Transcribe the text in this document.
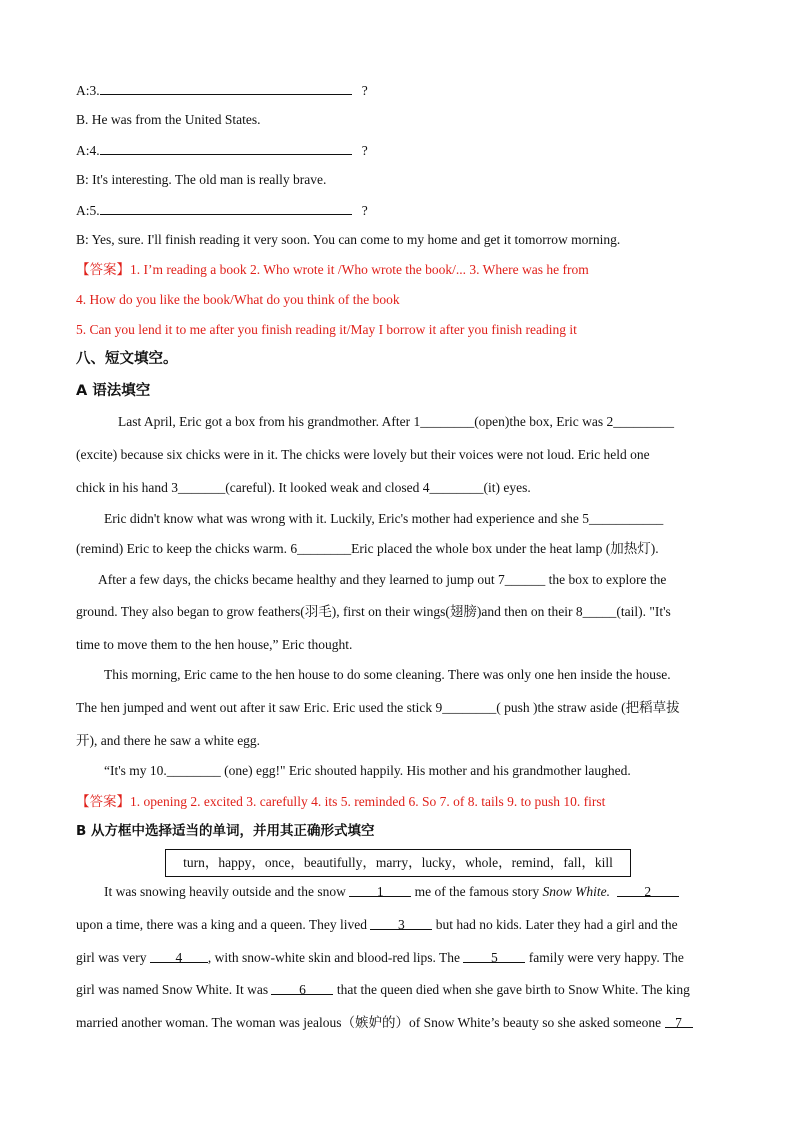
A:3.	?
B. He was from the United States.
A:4.	?
B: It's interesting. The old man is really brave.
A:5.	?
B: Yes, sure. I'll finish reading it very soon. You can come to my home and get it tomorrow morning.
【答案】1. I’m reading a book 2. Who wrote it /Who wrote the book/... 3. Where was he from
4. How do you like the book/What do you think of the book
5. Can you lend it to me after you finish reading it/May I borrow it after you finish reading it
八、短文填空。
A 语法填空
Last April, Eric got a box from his grandmother. After 1________(open)the box, Eric was 2_________
(excite) because six chicks were in it. The chicks were lovely but their voices were not loud. Eric held one
chick in his hand 3_______(careful). It looked weak and closed 4________(it) eyes.
Eric didn't know what was wrong with it. Luckily, Eric's mother had experience and she 5___________
(remind) Eric to keep the chicks warm. 6________Eric placed the whole box under the heat lamp (加热灯).
After a few days, the chicks became healthy and they learned to jump out 7______ the box to explore the
ground. They also began to grow feathers(羽毛), first on their wings(翅膀)and then on their 8_____(tail). "It's
time to move them to the hen house,” Eric thought.
This morning, Eric came to the hen house to do some cleaning. There was only one hen inside the house.
The hen jumped and went out after it saw Eric. Eric used the stick 9________( push )the straw aside (把稻草拔
开), and there he saw a white egg.
“It's my 10.________ (one) egg!" Eric shouted happily. His mother and his grandmother laughed.
【答案】1. opening 2. excited 3. carefully 4. its 5. reminded 6. So 7. of 8. tails 9. to push 10. first
B 从方框中选择适当的单词，并用其正确形式填空
turn，happy，once，beautifully，marry，lucky，whole，remind，fall，kill
It was snowing heavily outside and the snow 1 me of the famous story Snow White.	2
upon a time, there was a king and a queen. They lived 3 but had no kids. Later they had a girl and the
girl was very 4 , with snow-white skin and blood-red lips. The 5 family were very happy. The
girl was named Snow White. It was 6 that the queen died when she gave birth to Snow White. The king
married another woman. The woman was jealous（嫉妒的）of Snow White’s beauty so she asked someone 7
